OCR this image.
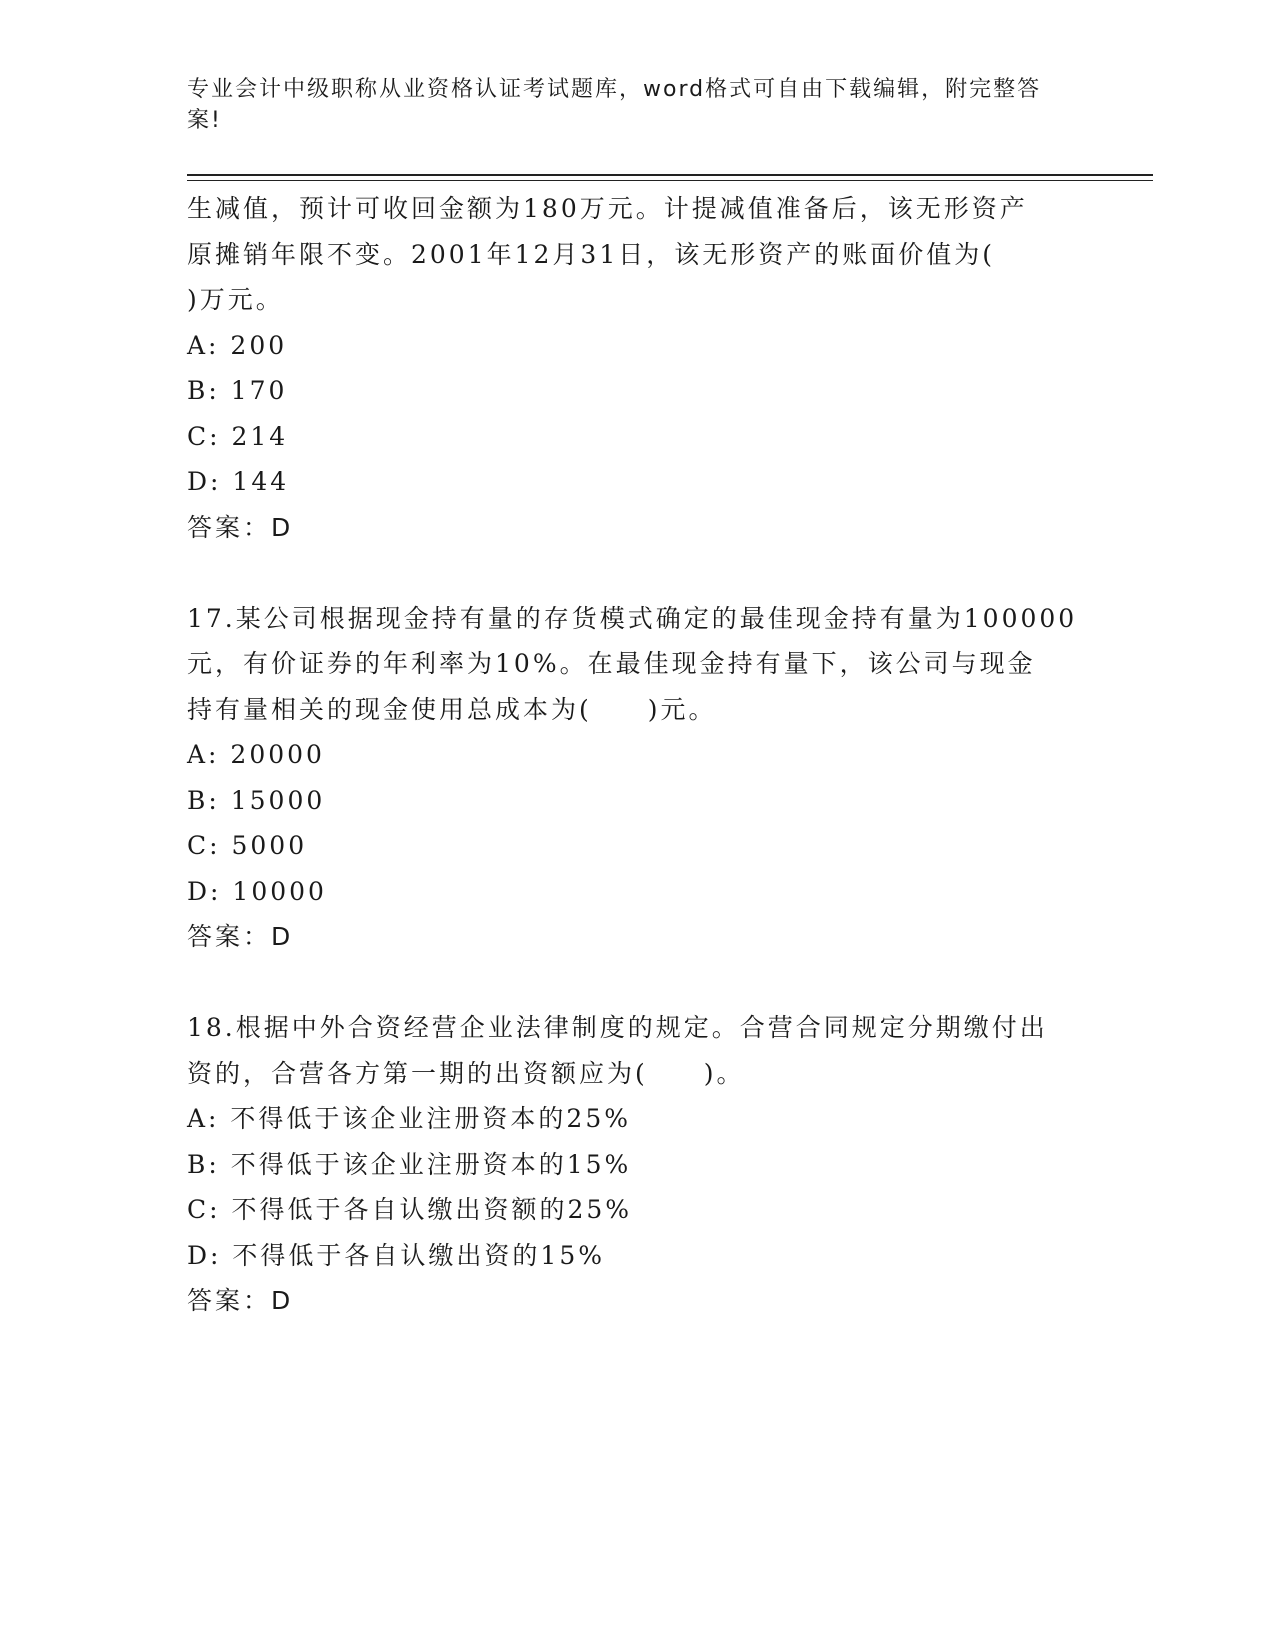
专业会计中级职称从业资格认证考试题库，word格式可自由下载编辑，附完整答案!
生减值，预计可收回金额为180万元。计提减值准备后，该无形资产
原摊销年限不变。2001年12月31日，该无形资产的账面价值为(
)万元。
A: 200
B: 170
C: 214
D: 144
答案：D
17.某公司根据现金持有量的存货模式确定的最佳现金持有量为100000
元，有价证券的年利率为10%。在最佳现金持有量下，该公司与现金
持有量相关的现金使用总成本为(　　)元。
A: 20000
B: 15000
C: 5000
D: 10000
答案：D
18.根据中外合资经营企业法律制度的规定。合营合同规定分期缴付出
资的，合营各方第一期的出资额应为(　　)。
A: 不得低于该企业注册资本的25%
B: 不得低于该企业注册资本的15%
C: 不得低于各自认缴出资额的25%
D: 不得低于各自认缴出资的15%
答案：D
